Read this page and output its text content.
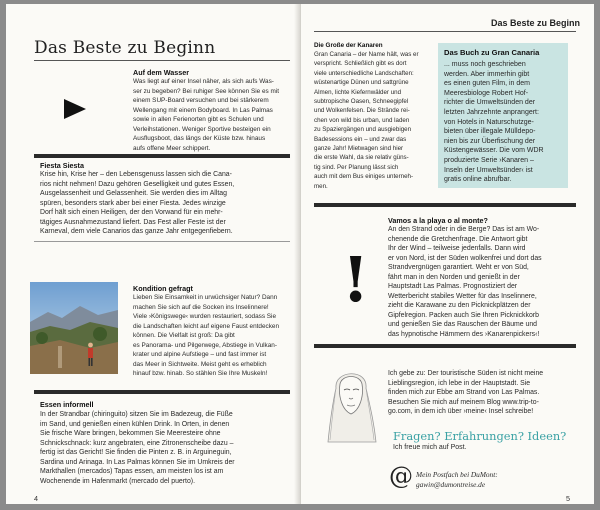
Das Beste zu Beginn
Auf dem Wasser
Was liegt auf einer Insel näher, als sich aufs Was-
ser zu begeben? Bei ruhiger See können Sie es mit
einem SUP-Board versuchen und bei stärkerem
Wellengang mit einem Bodyboard. In Las Palmas
sowie in allen Ferienorten gibt es Schulen und
Verleihstationen. Weniger Sportive besteigen ein
Ausflugsboot, das längs der Küste bzw. hinaus
aufs offene Meer schippert.
Fiesta Siesta
Krise hin, Krise her – den Lebensgenuss lassen sich die Cana-
rios nicht nehmen! Dazu gehören Geselligkeit und gutes Essen,
Ausgelassenheit und Gelassenheit. Sie werden dies im Alltag
spüren, besonders stark aber bei einer Fiesta. Jedes winzige
Dorf hält sich einen Heiligen, der den Vorwand für ein mehr-
tägiges Ausnahmezustand liefert. Das Fest aller Feste ist der
Karneval, dem viele Canarios das ganze Jahr entgegenfiebern.
Kondition gefragt
Lieben Sie Einsamkeit in urwüchsiger Natur? Dann
machen Sie sich auf die Socken ins Inselinnere!
Viele ›Königswege‹ wurden restauriert, sodass Sie
die Landschaften leicht auf eigene Faust entdecken
können. Die Vielfalt ist groß: Da gibt
es Panorama- und Pilgerwege, Abstiege in Vulkan-
krater und alpine Aufstiege – und fast immer ist
das Meer in Sichtweite. Meist geht es erheblich
hinauf bzw. hinab. So stählen Sie Ihre Muskeln!
Essen informell
In der Strandbar (chiringuito) sitzen Sie im Badezeug, die Füße
im Sand, und genießen einen kühlen Drink. In Orten, in denen
Sie frische Ware bringen, bekommen Sie Meeresteire ohne
Schnickschnack: kurz angebraten, eine Zitronenscheibe dazu –
fertig ist das Gericht! Sie finden die Pinten z. B. in Arguineguin,
Sardina und Arinaga. In Las Palmas können Sie im Umkreis der
Markthallen (mercados) Tapas essen, am meisten los ist am
Wochenende im Hafenmarkt (mercado del puerto).
4
Das Beste zu Beginn
Die Große der Kanaren
Gran Canaria – der Name hält, was er
verspricht. Schließlich gibt es dort
viele unterschiedliche Landschaften:
wüstenartige Dünen und sattgrüne
Almen, lichte Kiefernwälder und
subtropische Oasen, Schneegipfel
und Wolkenfelsen. Die Strände rei-
chen von wild bis urban, und laden
zu Spaziergängen und ausgiebigen
Badesessions ein – und zwar das
ganze Jahr! Mietwagen sind hier
die erste Wahl, da sie relativ güns-
tig sind. Per Planung lässt sich
auch mit dem Bus einiges unterneh-
men.
Das Buch zu Gran Canaria
... muss noch geschrieben
werden. Aber immerhin gibt
es einen guten Film, in dem
Meeresbiologe Robert Hof-
richter die Umweltsünden der
letzten Jahrzehnte anprangert:
von Hotels in Naturschutzge-
bieten über illegale Mülldepo-
nien bis zur Überfischung der
Küstengewässer. Die vom WDR
produzierte Serie ›Kanaren –
Inseln der Umweltsünder‹ ist
gratis online abrufbar.
!
Vamos a la playa o al monte?
An den Strand oder in die Berge? Das ist am Wo-
chenende die Gretchenfrage. Die Antwort gibt
Ihr der Wind – teilweise jedenfalls. Dann wird
er von Nord, ist der Süden wolkenfrei und dort das
Strandvergnügen garantiert. Weht er von Süd,
fährt man in den Norden und genießt in der
Hauptstadt Las Palmas. Prognostiziert der
Wetterbericht stabiles Wetter für das Inselinnere,
zieht die Karawane zu den Picknickplätzen der
Gipfelregion. Packen auch Sie Ihren Picknickkorb
und genießen Sie das Rauschen der Bäume und
das hypnotische Hämmern des ›Kanarenpickers‹!
Ich gebe zu: Der touristische Süden ist nicht meine
Lieblingsregion, ich lebe in der Hauptstadt. Sie
finden mich zur Ebbe am Strand von Las Palmas.
Besuchen Sie mich auf meinem Blog www.trip-to-
go.com, in dem ich über ›meine‹ Insel schreibe!
Fragen? Erfahrungen? Ideen?
Ich freue mich auf Post.
@ Mein Postfach bei DuMont:
gawin@dumontreise.de
5
